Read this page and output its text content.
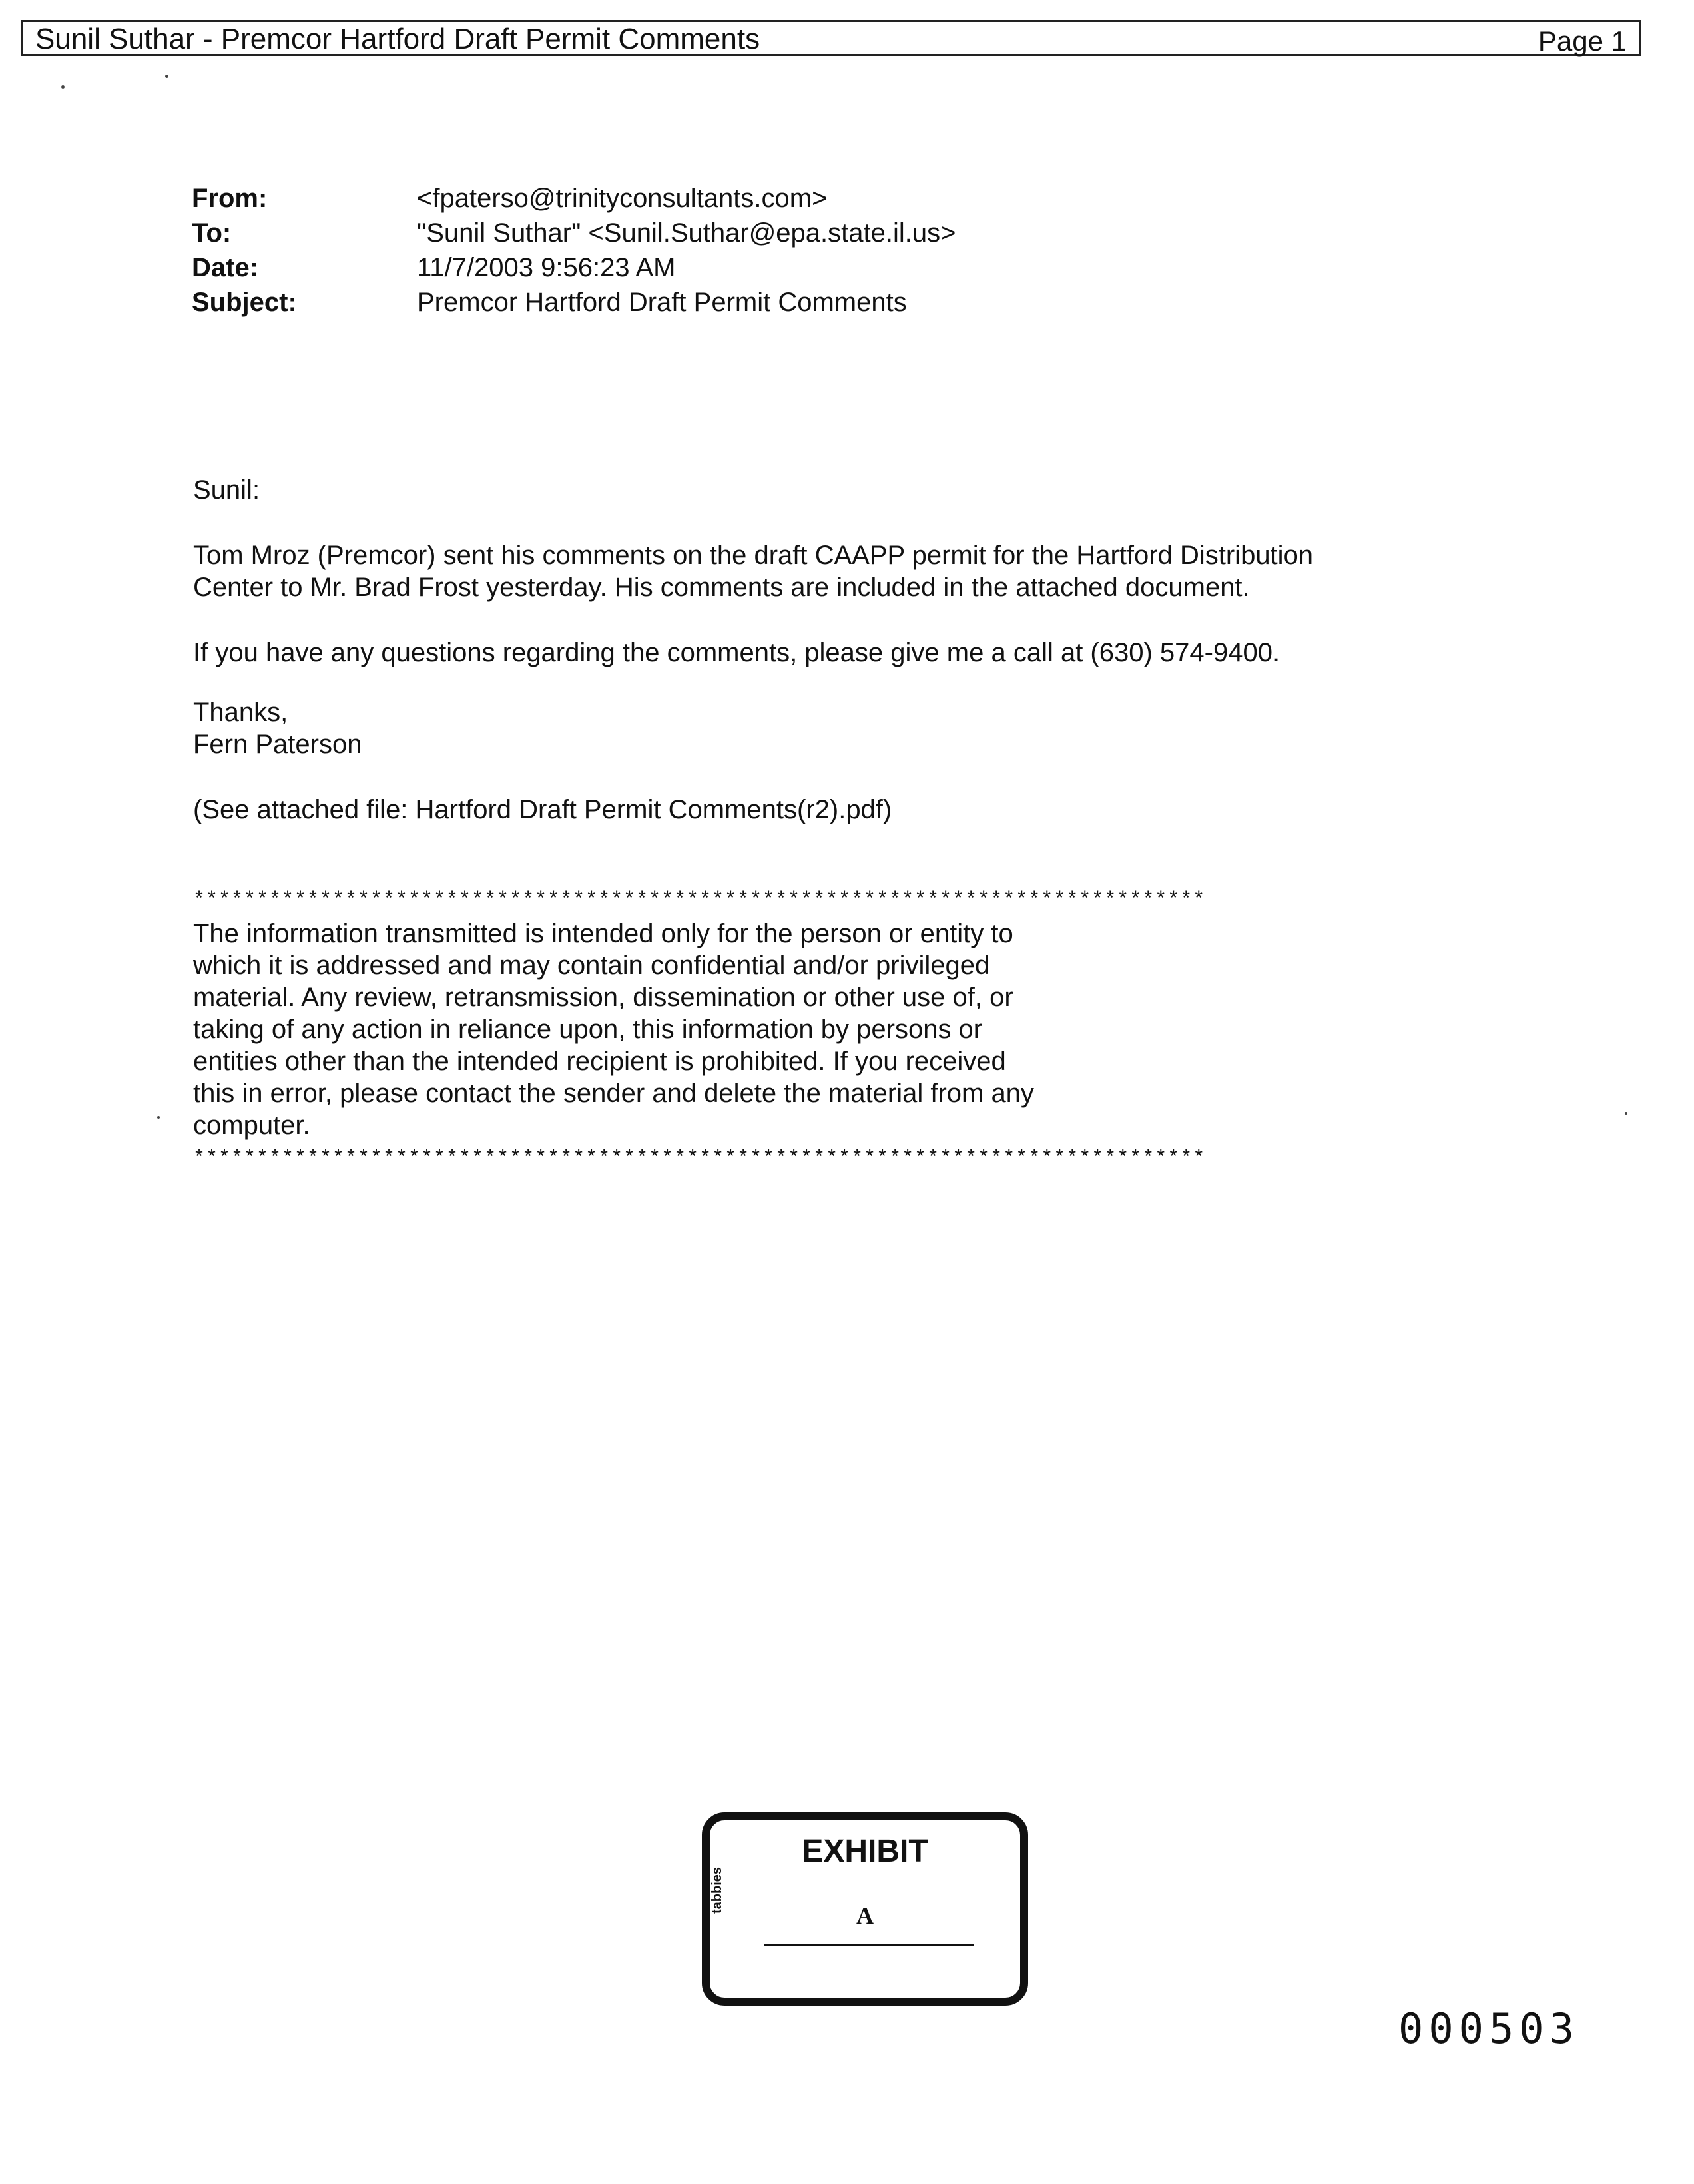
Sunil Suthar - Premcor Hartford Draft Permit Comments	Page 1
From:	<fpaterso@trinityconsultants.com>
To:	"Sunil Suthar" <Sunil.Suthar@epa.state.il.us>
Date:	11/7/2003 9:56:23 AM
Subject:	Premcor Hartford Draft Permit Comments
Sunil:
Tom Mroz (Premcor) sent his comments on the draft CAAPP permit for the Hartford Distribution
Center to Mr. Brad Frost yesterday. His comments are included in the attached document.
If you have any questions regarding the comments, please give me a call at (630) 574-9400.
Thanks,
Fern Paterson
(See attached file: Hartford Draft Permit Comments(r2).pdf)
********************************************************************************
The information transmitted is intended only for the person or entity to
which it is addressed and may contain confidential and/or privileged
material. Any review, retransmission, dissemination or other use of, or
taking of any action in reliance upon, this information by persons or
entities other than the intended recipient is prohibited. If you received
this in error, please contact the sender and delete the material from any
computer.
********************************************************************************
tabbies
EXHIBIT
A
000503
